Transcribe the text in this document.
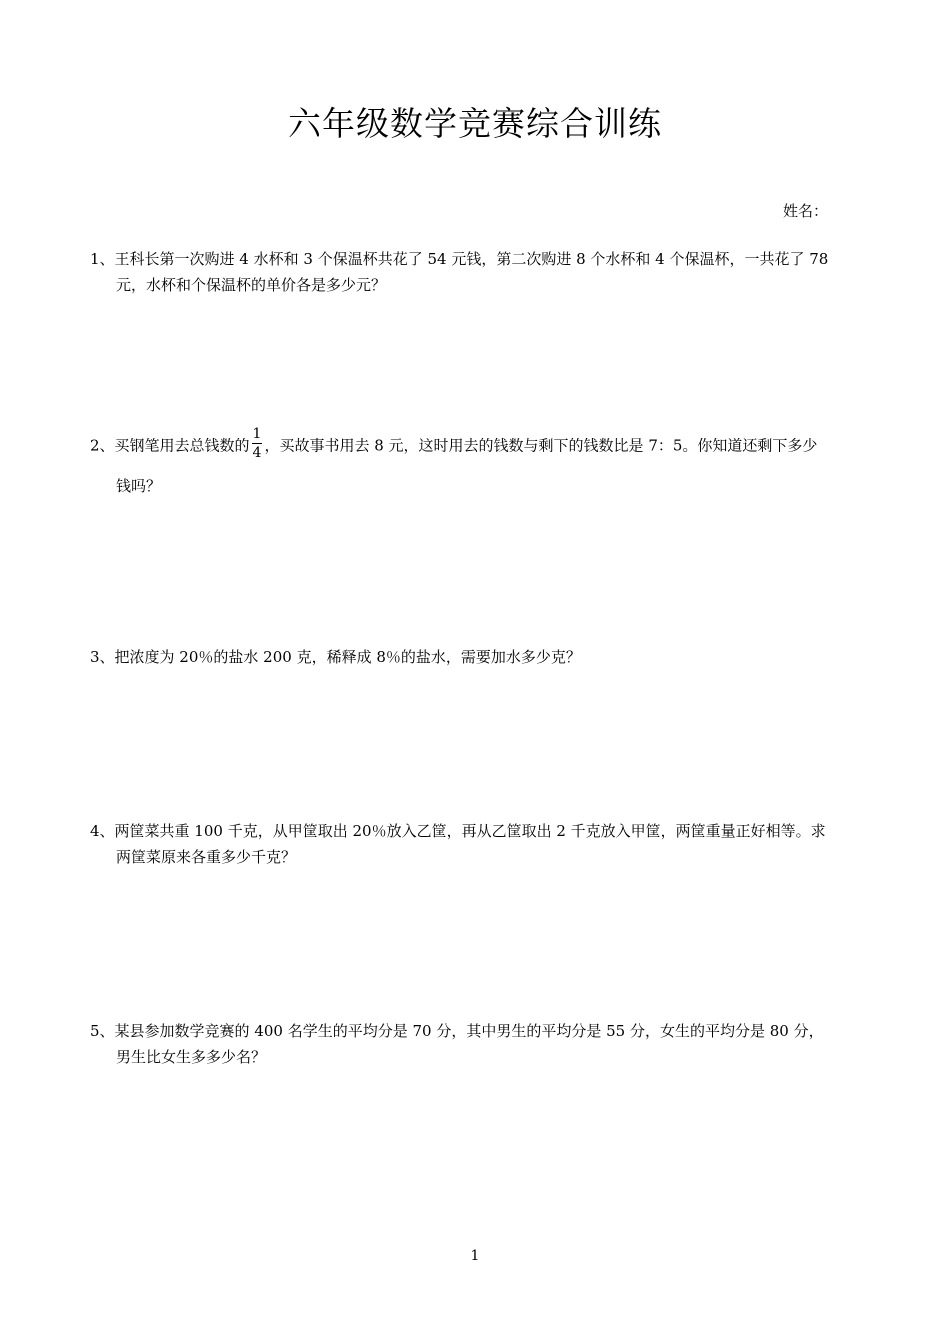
六年级数学竞赛综合训练
姓名：
1、王科长第一次购进 4 水杯和 3 个保温杯共花了 54 元钱，第二次购进 8 个水杯和 4 个保温杯，一共花了 78
元，水杯和个保温杯的单价各是多少元？
2、买钢笔用去总钱数的 $\frac{1}{4}$ ，买故事书用去 8 元，这时用去的钱数与剩下的钱数比是 7：5。你知道还剩下多少
钱吗？
3、把浓度为 20％的盐水 200 克，稀释成 8％的盐水，需要加水多少克？
4、两筐菜共重 100 千克，从甲筐取出 20％放入乙筐，再从乙筐取出 2 千克放入甲筐，两筐重量正好相等。求
两筐菜原来各重多少千克？
5、某县参加数学竞赛的 400 名学生的平均分是 70 分，其中男生的平均分是 55 分，女生的平均分是 80 分，
男生比女生多多少名？
1
